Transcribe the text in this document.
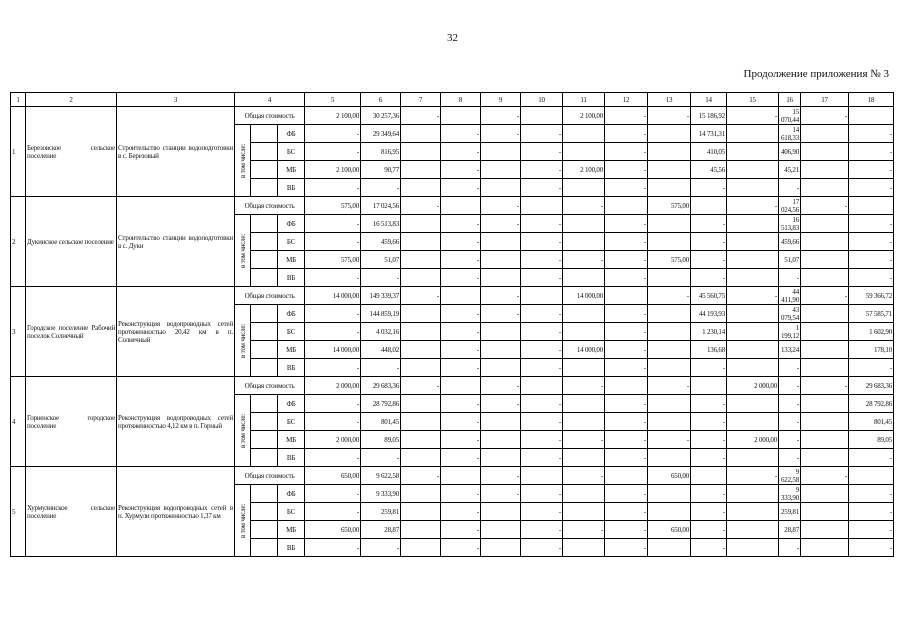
32
Продолжение приложения № 3
1	2	3	4			5	6	7	8	9	10	11	12	13	14	15	16	17	18
1	Березовское сельское поселение	Строительство станции водоподготовки в с. Березовый	Общая стоимость			2 100,00	30 257,36	-		-		2 100,00	-	-	15 186,92	-	15 070,44	-	

			в том числе:		ФБ	-	29 349,64		-	-	-		-		14 731,31		14 618,33		-
					БС	-	816,95		-		-		-		410,05		406,90		-
					МБ	2 100,00	90,77		-		-	2 100,00	-		45,56		45,21		-
					ВБ	-	-		-		-		-		-		-		-
2	Дукинское сельское поселение	Строительство станции водоподготовки в с. Дуки	Общая стоимость			575,00	17 024,56	-		-		-		575,00		-	17 024,56	-	

			в том числе:		ФБ	-	16 513,83		-	-	-		-		-		16 513,83		-
					БС	-	459,66		-		-		-		-		459,66		-
					МБ	575,00	51,07		-		-	-	-	575,00	-		51,07		-
					ВБ	-	-		-		-		-		-		-		-
3	Городское поселение Рабочий поселок Солнечный	Реконструкция водопроводных сетей протяженностью 20,42 км в п. Солнечный	Общая стоимость			14 000,00	149 339,37	-		-		14 000,00		-	45 560,75	-	44 411,90	-	59 366,72

			в том числе:		ФБ	-	144 859,19		-	-	-		-		44 193,93		43 079,54		57 585,71
					БС	-	4 032,16		-		-		-		1 230,14		1 199,12		1 602,90
					МБ	14 000,00	448,02		-		-	14 000,00	-		136,68		133,24		178,10
					ВБ	-	-		-		-		-		-		-		-
4	Горненское городское поселение	Реконструкция водопроводных сетей протяженностью 4,12 км в п. Горный	Общая стоимость			2 000,00	29 683,36	-		-		-		-		2 000,00	-	-	29 683,36

			в том числе:		ФБ	-	28 792,86		-	-	-		-		-		-		28 792,86
					БС	-	801,45		-		-		-		-		-		801,45
					МБ	2 000,00	89,05		-		-	-	-	-	-	2 000,00	-		89,05
					ВБ	-	-		-		-		-		-		-		-
5	Хурмулинское сельское поселение	Реконструкция водопроводных сетей в п. Хурмули протяженностью 1,37 км	Общая стоимость			650,00	9 622,58	-		-		-		650,00		-	9 622,58	-	

			в том числе:		ФБ	-	9 333,90		-	-	-		-		-		9 333,90		-
					БС	-	259,81		-		-		-		-		259,81		-
					МБ	650,00	28,87		-		-	-	-	650,00	-		28,87		-
					ВБ	-	-		-		-		-		-		-		-
